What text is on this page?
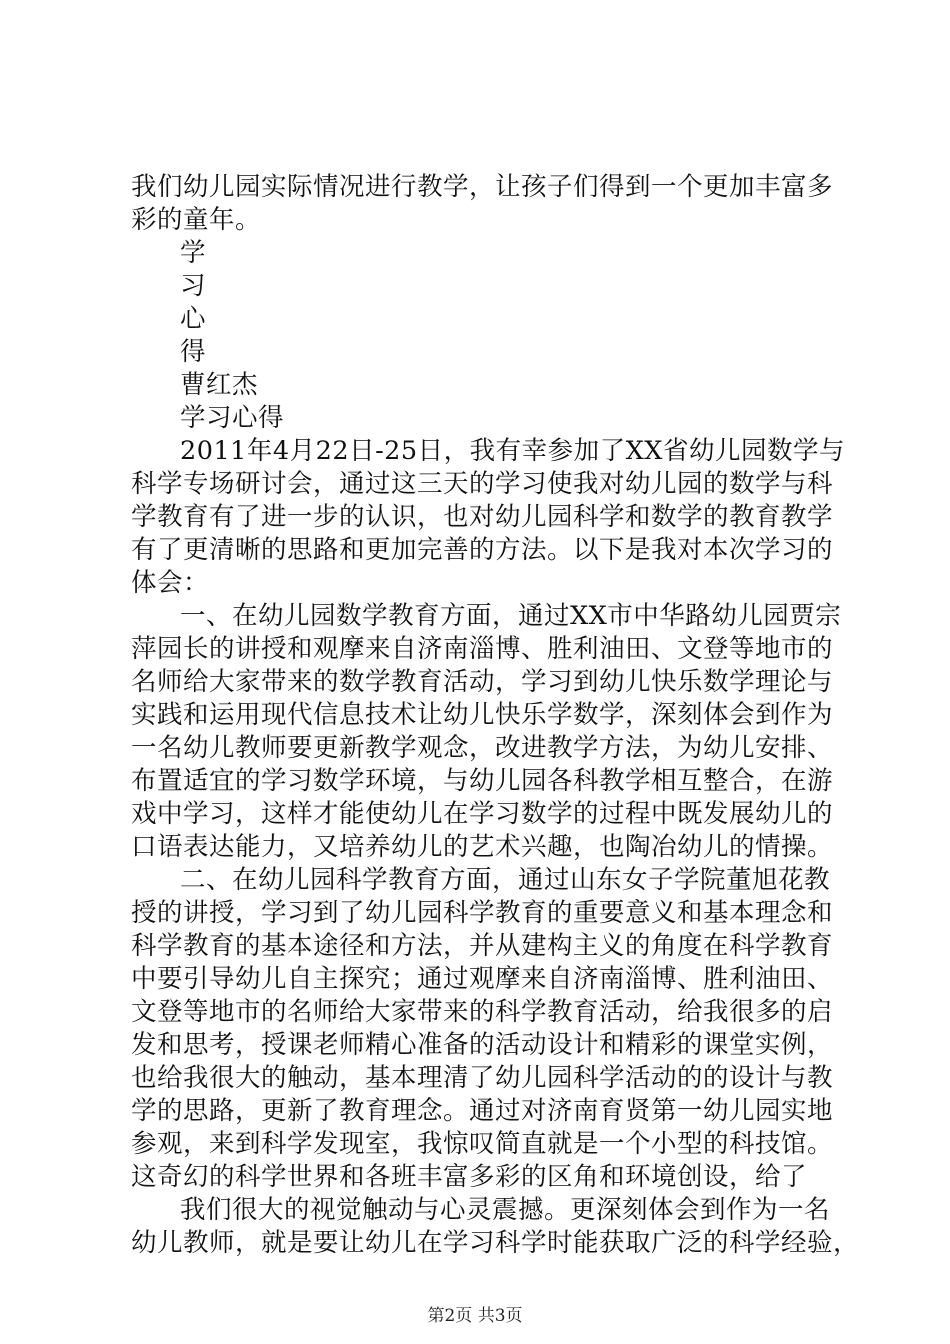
我们幼儿园实际情况进行教学，让孩子们得到一个更加丰富多
彩的童年。
学
习
心
得
曹红杰
学习心得
2011年4月22日-25日，我有幸参加了XX省幼儿园数学与
科学专场研讨会，通过这三天的学习使我对幼儿园的数学与科
学教育有了进一步的认识，也对幼儿园科学和数学的教育教学
有了更清晰的思路和更加完善的方法。以下是我对本次学习的
体会：
一、在幼儿园数学教育方面，通过XX市中华路幼儿园贾宗
萍园长的讲授和观摩来自济南淄博、胜利油田、文登等地市的
名师给大家带来的数学教育活动，学习到幼儿快乐数学理论与
实践和运用现代信息技术让幼儿快乐学数学，深刻体会到作为
一名幼儿教师要更新教学观念，改进教学方法，为幼儿安排、
布置适宜的学习数学环境，与幼儿园各科教学相互整合，在游
戏中学习，这样才能使幼儿在学习数学的过程中既发展幼儿的
口语表达能力，又培养幼儿的艺术兴趣，也陶冶幼儿的情操。
二、在幼儿园科学教育方面，通过山东女子学院董旭花教
授的讲授，学习到了幼儿园科学教育的重要意义和基本理念和
科学教育的基本途径和方法，并从建构主义的角度在科学教育
中要引导幼儿自主探究；通过观摩来自济南淄博、胜利油田、
文登等地市的名师给大家带来的科学教育活动，给我很多的启
发和思考，授课老师精心准备的活动设计和精彩的课堂实例，
也给我很大的触动，基本理清了幼儿园科学活动的的设计与教
学的思路，更新了教育理念。通过对济南育贤第一幼儿园实地
参观，来到科学发现室，我惊叹简直就是一个小型的科技馆。
这奇幻的科学世界和各班丰富多彩的区角和环境创设，给了
我们很大的视觉触动与心灵震撼。更深刻体会到作为一名
幼儿教师，就是要让幼儿在学习科学时能获取广泛的科学经验，
第2页 共3页
